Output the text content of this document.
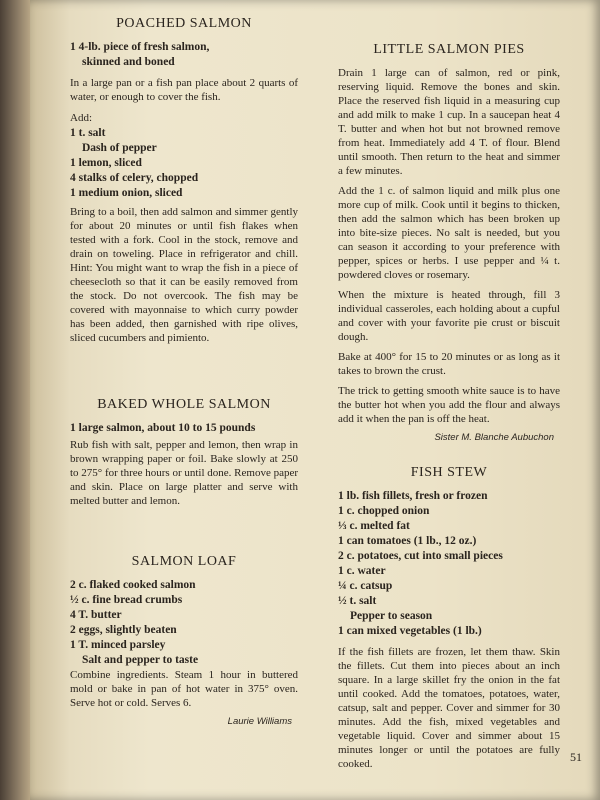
POACHED SALMON
1 4-lb. piece of fresh salmon,
skinned and boned

In a large pan or a fish pan place about 2 quarts of water, or enough to cover the fish.

Add:
1 t. salt
Dash of pepper
1 lemon, sliced
4 stalks of celery, chopped
1 medium onion, sliced

Bring to a boil, then add salmon and simmer gently for about 20 minutes or until fish flakes when tested with a fork. Cool in the stock, remove and drain on toweling. Place in refrigerator and chill. Hint: You might want to wrap the fish in a piece of cheesecloth so that it can be easily removed from the stock. Do not overcook. The fish may be covered with mayonnaise to which curry powder has been added, then garnished with ripe olives, sliced cucumbers and pimiento.

BAKED WHOLE SALMON
1 large salmon, about 10 to 15 pounds

Rub fish with salt, pepper and lemon, then wrap in brown wrapping paper or foil. Bake slowly at 250 to 275° for three hours or until done. Remove paper and skin. Place on large platter and serve with melted butter and lemon.

SALMON LOAF
2 c. flaked cooked salmon
½ c. fine bread crumbs
4 T. butter
2 eggs, slightly beaten
1 T. minced parsley
Salt and pepper to taste

Combine ingredients. Steam 1 hour in buttered mold or bake in pan of hot water in 375° oven. Serve hot or cold. Serves 6.

Laurie Williams
LITTLE SALMON PIES

Drain 1 large can of salmon, red or pink, reserving liquid. Remove the bones and skin. Place the reserved fish liquid in a measuring cup and add milk to make 1 cup. In a saucepan heat 4 T. butter and when hot but not browned remove from heat. Immediately add 4 T. of flour. Blend until smooth. Then return to the heat and simmer a few minutes.

Add the 1 c. of salmon liquid and milk plus one more cup of milk. Cook until it begins to thicken, then add the salmon which has been broken up into bite-size pieces. No salt is needed, but you can season it according to your preference with pepper, spices or herbs. I use pepper and ¼ t. powdered cloves or rosemary.

When the mixture is heated through, fill 3 individual casseroles, each holding about a cupful and cover with your favorite pie crust or biscuit dough.

Bake at 400° for 15 to 20 minutes or as long as it takes to brown the crust.

The trick to getting smooth white sauce is to have the butter hot when you add the flour and always add it when the pan is off the heat.

Sister M. Blanche Aubuchon
FISH STEW
1 lb. fish fillets, fresh or frozen
1 c. chopped onion
⅓ c. melted fat
1 can tomatoes (1 lb., 12 oz.)
2 c. potatoes, cut into small pieces
1 c. water
¼ c. catsup
½ t. salt
Pepper to season
1 can mixed vegetables (1 lb.)

If the fish fillets are frozen, let them thaw. Skin the fillets. Cut them into pieces about an inch square. In a large skillet fry the onion in the fat until cooked. Add the tomatoes, potatoes, water, catsup, salt and pepper. Cover and simmer for 30 minutes. Add the fish, mixed vegetables and vegetable liquid. Cover and simmer about 15 minutes longer or until the potatoes are fully cooked.	51
